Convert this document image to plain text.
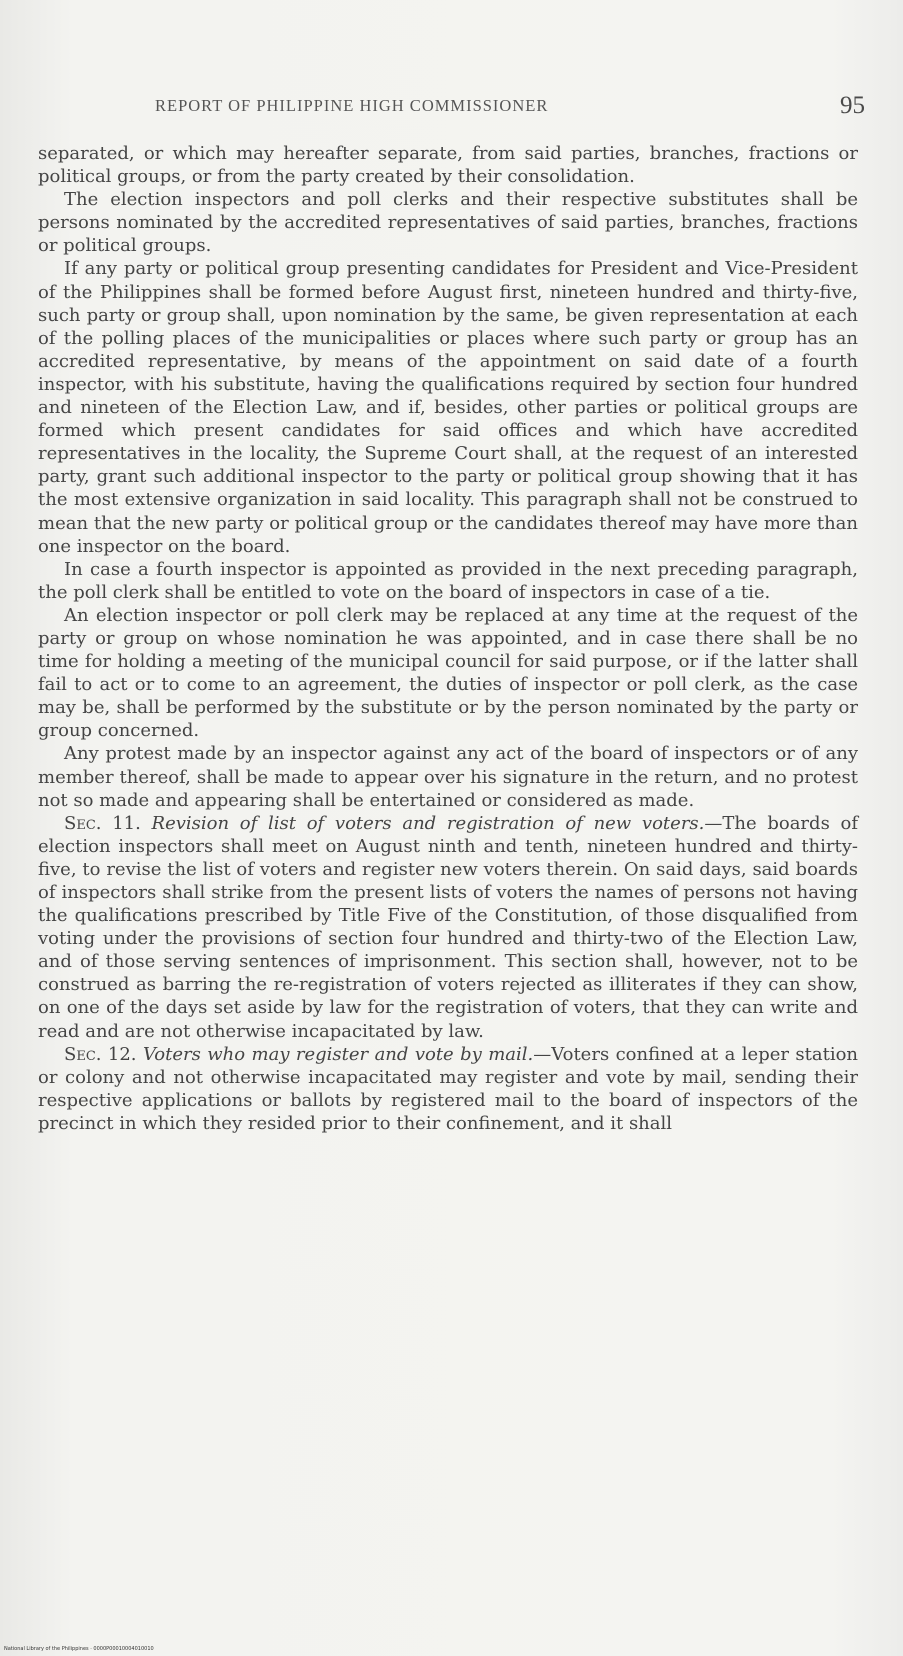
REPORT OF PHILIPPINE HIGH COMMISSIONER	95

separated, or which may hereafter separate, from said parties, branches, fractions or political groups, or from the party created by their consolidation.

The election inspectors and poll clerks and their respective substitutes shall be persons nominated by the accredited representatives of said parties, branches, fractions or political groups.

If any party or political group presenting candidates for President and Vice-President of the Philippines shall be formed before August first, nineteen hundred and thirty-five, such party or group shall, upon nomination by the same, be given representation at each of the polling places of the municipalities or places where such party or group has an accredited representative, by means of the appointment on said date of a fourth inspector, with his substitute, having the qualifications required by section four hundred and nineteen of the Election Law, and if, besides, other parties or political groups are formed which present candidates for said offices and which have accredited representatives in the locality, the Supreme Court shall, at the request of an interested party, grant such additional inspector to the party or political group showing that it has the most extensive organization in said locality. This paragraph shall not be construed to mean that the new party or political group or the candidates thereof may have more than one inspector on the board.

In case a fourth inspector is appointed as provided in the next preceding paragraph, the poll clerk shall be entitled to vote on the board of inspectors in case of a tie.

An election inspector or poll clerk may be replaced at any time at the request of the party or group on whose nomination he was appointed, and in case there shall be no time for holding a meeting of the municipal council for said purpose, or if the latter shall fail to act or to come to an agreement, the duties of inspector or poll clerk, as the case may be, shall be performed by the substitute or by the person nominated by the party or group concerned.

Any protest made by an inspector against any act of the board of inspectors or of any member thereof, shall be made to appear over his signature in the return, and no protest not so made and appearing shall be entertained or considered as made.

Sec. 11. Revision of list of voters and registration of new voters.—The boards of election inspectors shall meet on August ninth and tenth, nineteen hundred and thirty-five, to revise the list of voters and register new voters therein. On said days, said boards of inspectors shall strike from the present lists of voters the names of persons not having the qualifications prescribed by Title Five of the Constitution, of those disqualified from voting under the provisions of section four hundred and thirty-two of the Election Law, and of those serving sentences of imprisonment. This section shall, however, not to be construed as barring the re-registration of voters rejected as illiterates if they can show, on one of the days set aside by law for the registration of voters, that they can write and read and are not otherwise incapacitated by law.

Sec. 12. Voters who may register and vote by mail.—Voters confined at a leper station or colony and not otherwise incapacitated may register and vote by mail, sending their respective applications or ballots by registered mail to the board of inspectors of the precinct in which they resided prior to their confinement, and it shall

National Library of the Philippines · 0000P00010004010010
